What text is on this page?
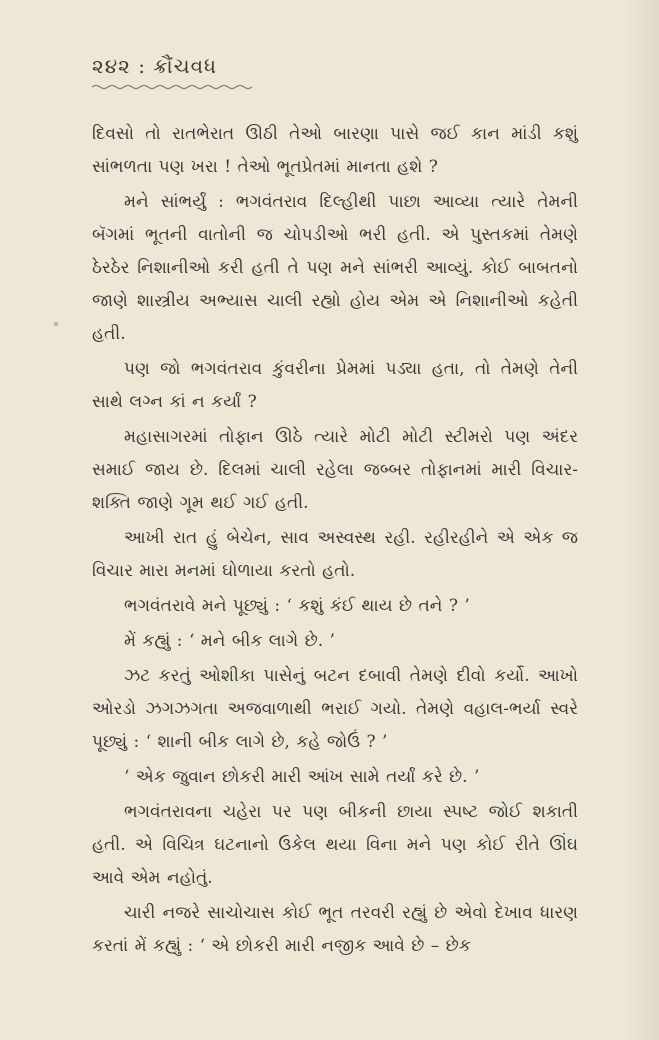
૨૪૨ : ક્રૌંચવધ

દિવસો તો રાતભેરાત ઊઠી તેઓ બારણા પાસે જઈ કાન માંડી કશું સાંભળતા પણ ખરા ! તેઓ ભૂતપ્રેતમાં માનતા હશે ?

મને સાંભર્યું : ભગવંતરાવ દિલ્હીથી પાછા આવ્યા ત્યારે તેમની બૅગમાં ભૂતની વાતોની જ ચોપડીઓ ભરી હતી. એ પુસ્તકમાં તેમણે ઠેરઠેર નિશાનીઓ કરી હતી તે પણ મને સાંભરી આવ્યું. કોઈ બાબતનો જાણે શાસ્ત્રીય અભ્યાસ ચાલી રહ્યો હોય એમ એ નિશાનીઓ કહેતી હતી.

પણ જો ભગવંતરાવ કુંવરીના પ્રેમમાં પડ્યા હતા, તો તેમણે તેની સાથે લગ્ન કાં ન કર્યાં ?

મહાસાગરમાં તોફાન ઊઠે ત્યારે મોટી મોટી સ્ટીમરો પણ અંદર સમાઈ જાય છે. દિલમાં ચાલી રહેલા જબ્બર તોફાનમાં મારી વિચાર-શક્તિ જાણે ગૂમ થઈ ગઈ હતી.

આખી રાત હું બેચેન, સાવ અસ્વસ્થ રહી. રહીરહીને એ એક જ વિચાર મારા મનમાં ઘોળાયા કરતો હતો.

ભગવંતરાવે મને પૂછ્યું : ‘ કશું કંઈ થાય છે તને ? ’

મેં કહ્યું : ‘ મને બીક લાગે છે. ’

ઝટ કરતું ઓશીકા પાસેનું બટન દબાવી તેમણે દીવો કર્યો. આખો ઓરડો ઝગઝગતા અજવાળાથી ભરાઈ ગયો. તેમણે વહાલ-ભર્યા સ્વરે પૂછ્યું : ‘ શાની બીક લાગે છે, કહે જોઉં ? ’

‘ એક જુવાન છોકરી મારી આંખ સામે તર્યાં કરે છે. ’

ભગવંતરાવના ચહેરા પર પણ બીકની છાયા સ્પષ્ટ જોઈ શકાતી હતી. એ વિચિત્ર ઘટનાનો ઉકેલ થયા વિના મને પણ કોઈ રીતે ઊંઘ આવે એમ નહોતું.

ચારી નજરે સાચોચાસ કોઈ ભૂત તરવરી રહ્યું છે એવો દેખાવ ધારણ કરતાં મેં કહ્યું : ‘ એ છોકરી મારી નજીક આવે છે – છેક
